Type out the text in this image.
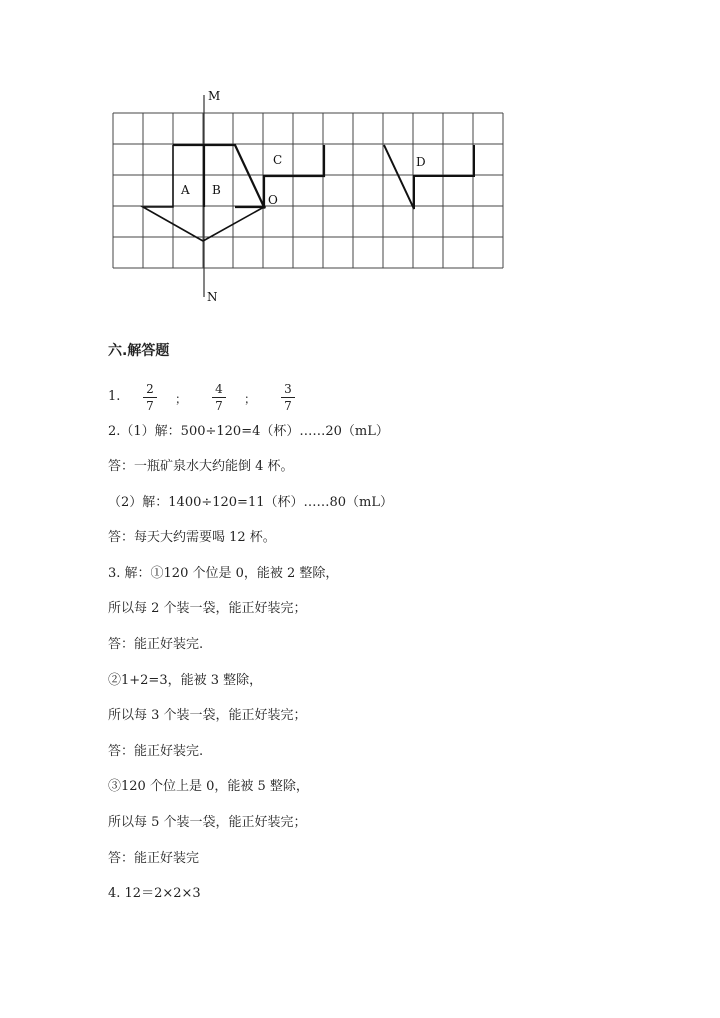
M
N
A B
C	D
O
六.解答题
1. 2
7 ；
4
7 ；
3
7
2.（1）解：500÷120=4（杯）……20（mL）
答：一瓶矿泉水大约能倒 4 杯。
（2）解：1400÷120=11（杯）……80（mL）
答：每天大约需要喝 12 杯。
3. 解：①120 个位是 0，能被 2 整除，
所以每 2 个装一袋，能正好装完；
答：能正好装完.
②1+2=3，能被 3 整除，
所以每 3 个装一袋，能正好装完；
答：能正好装完.
③120 个位上是 0，能被 5 整除，
所以每 5 个装一袋，能正好装完；
答：能正好装完
4. 12＝2×2×3
